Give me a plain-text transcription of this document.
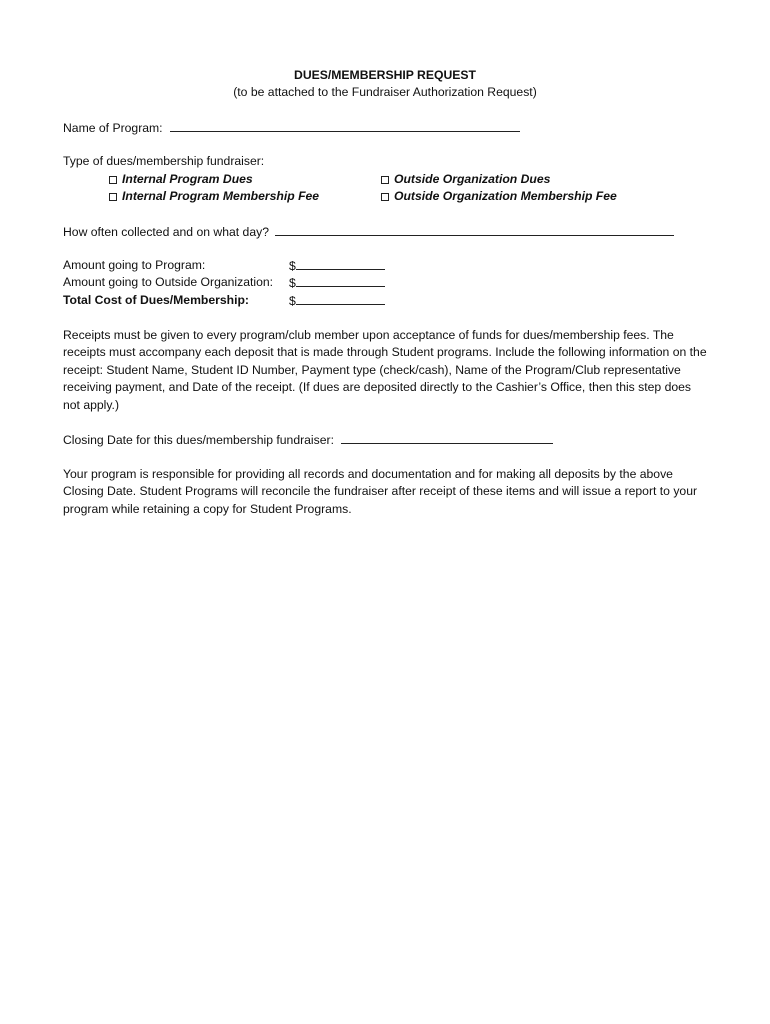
DUES/MEMBERSHIP REQUEST
(to be attached to the Fundraiser Authorization Request)
Name of Program:
Type of dues/membership fundraiser:
Internal Program Dues	Outside Organization Dues
Internal Program Membership Fee	Outside Organization Membership Fee
How often collected and on what day?
Amount going to Program:	$
Amount going to Outside Organization: $
Total Cost of Dues/Membership:	$
Receipts must be given to every program/club member upon acceptance of funds for dues/membership fees. The receipts must accompany each deposit that is made through Student programs. Include the following information on the receipt: Student Name, Student ID Number, Payment type (check/cash), Name of the Program/Club representative receiving payment, and Date of the receipt. (If dues are deposited directly to the Cashier’s Office, then this step does not apply.)
Closing Date for this dues/membership fundraiser:
Your program is responsible for providing all records and documentation and for making all deposits by the above Closing Date. Student Programs will reconcile the fundraiser after receipt of these items and will issue a report to your program while retaining a copy for Student Programs.
